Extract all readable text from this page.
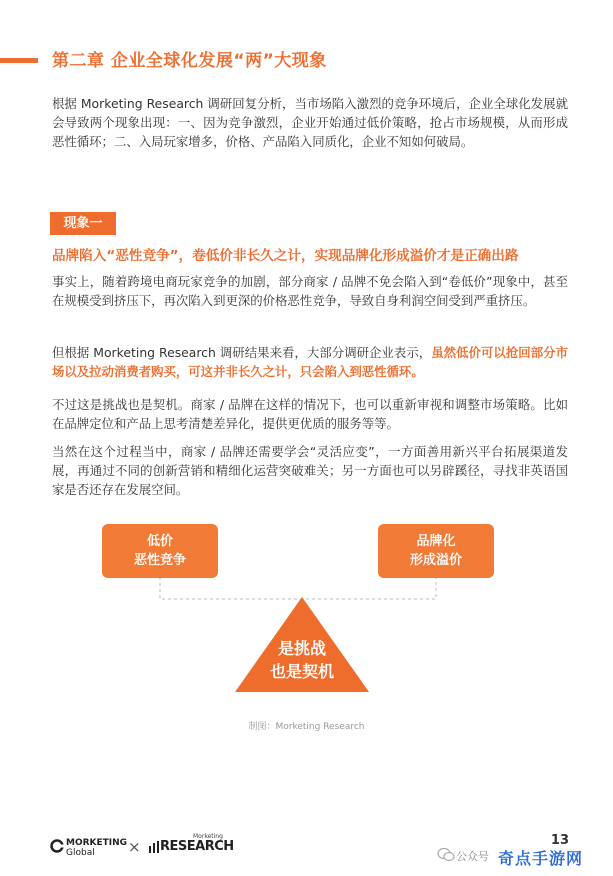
第二章 企业全球化发展“两”大现象
根据 Morketing Research 调研回复分析，当市场陷入激烈的竞争环境后，企业全球化发展就会导致两个现象出现：一、因为竞争激烈，企业开始通过低价策略，抢占市场规模，从而形成恶性循环；二、入局玩家增多，价格、产品陷入同质化，企业不知如何破局。
现象一
品牌陷入“恶性竞争”，卷低价非长久之计，实现品牌化形成溢价才是正确出路
事实上，随着跨境电商玩家竞争的加剧，部分商家 / 品牌不免会陷入到“卷低价”现象中，甚至在规模受到挤压下，再次陷入到更深的价格恶性竞争，导致自身利润空间受到严重挤压。
但根据 Morketing Research 调研结果来看，大部分调研企业表示，虽然低价可以抢回部分市场以及拉动消费者购买，可这并非长久之计，只会陷入到恶性循环。
不过这是挑战也是契机。商家 / 品牌在这样的情况下，也可以重新审视和调整市场策略。比如在品牌定位和产品上思考清楚差异化，提供更优质的服务等等。
当然在这个过程当中，商家 / 品牌还需要学会“灵活应变”，一方面善用新兴平台拓展渠道发展，再通过不同的创新营销和精细化运营突破难关；另一方面也可以另辟蹊径，寻找非英语国家是否还存在发展空间。
低价
恶性竞争
品牌化
形成溢价
是挑战
也是契机
制图：Morketing Research
MORKETING
Global	×
Morketing
RESEARCH	13
公众号 奇点手游网
